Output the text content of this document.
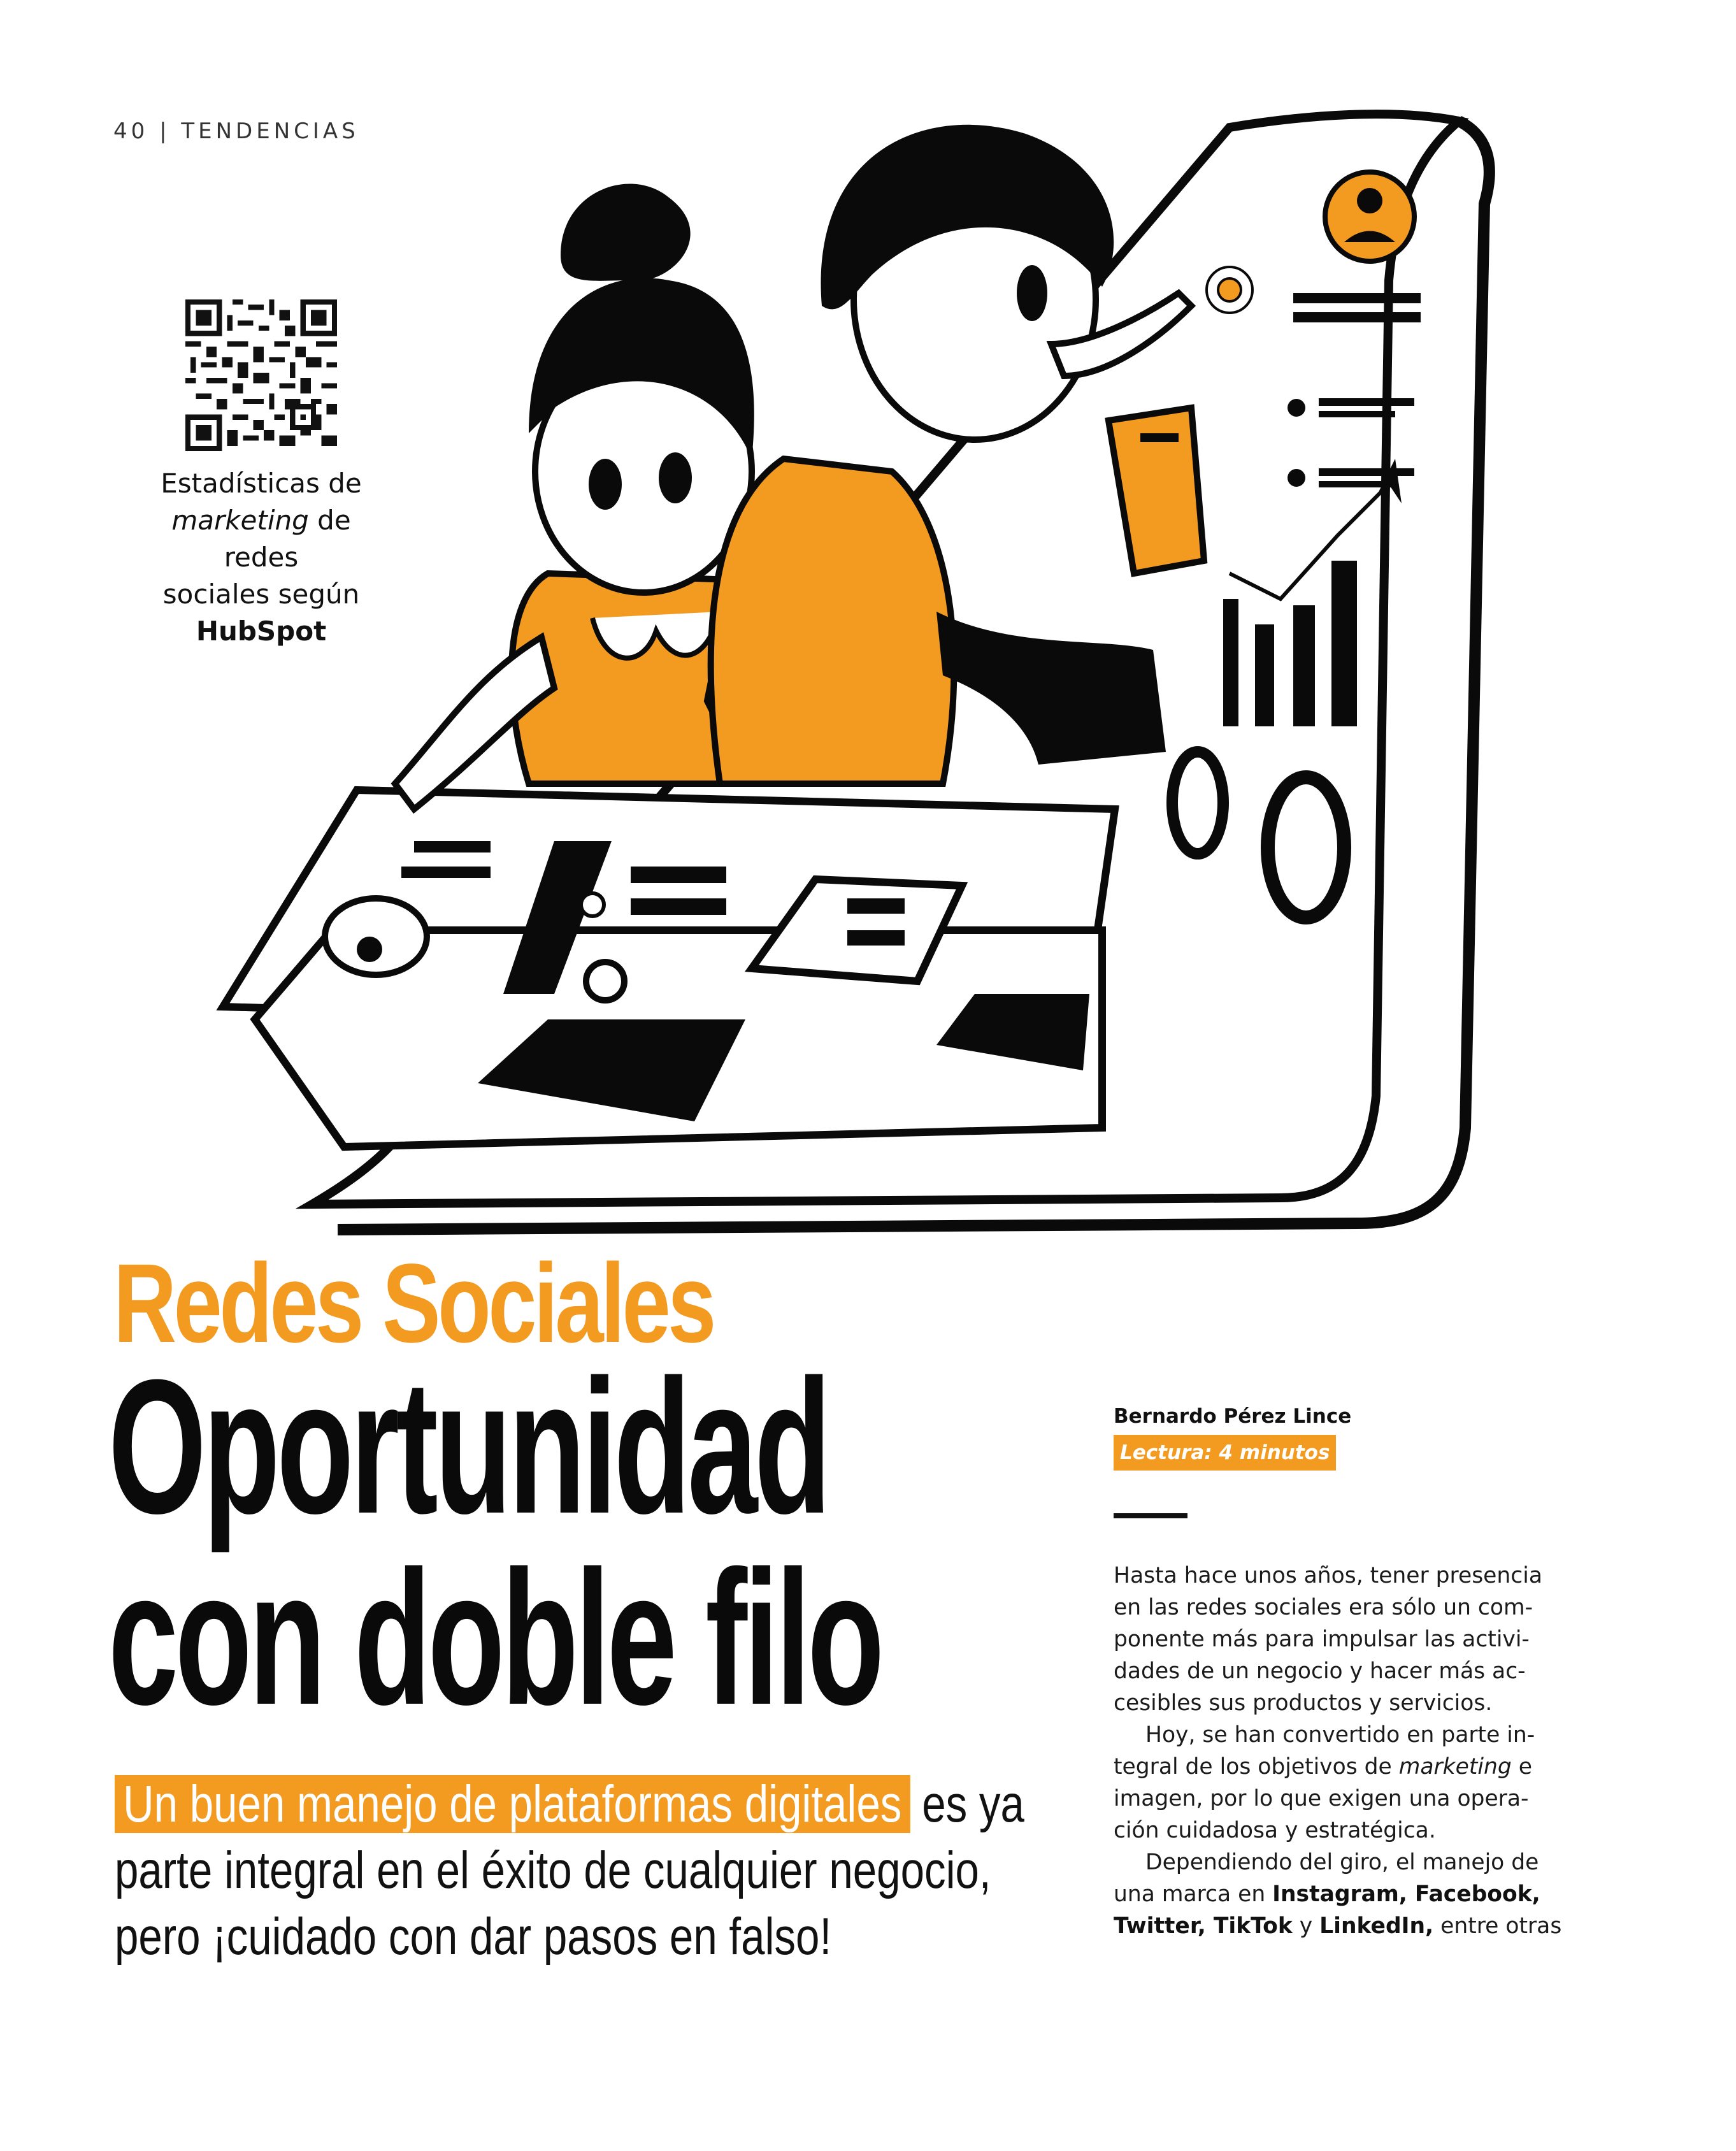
40 | TENDENCIAS
Estadísticas de
marketing de redes
sociales según
HubSpot
Redes Sociales
Oportunidad
con doble filo
Un buen manejo de plataformas digitales es ya
parte integral en el éxito de cualquier negocio,
pero ¡cuidado con dar pasos en falso!
Bernardo Pérez Lince
Lectura: 4 minutos
Hasta hace unos años, tener presencia
en las redes sociales era sólo un com-
ponente más para impulsar las activi-
dades de un negocio y hacer más ac-
cesibles sus productos y servicios.
Hoy, se han convertido en parte in-
tegral de los objetivos de marketing e
imagen, por lo que exigen una opera-
ción cuidadosa y estratégica.
Dependiendo del giro, el manejo de
una marca en Instagram, Facebook,
Twitter, TikTok y LinkedIn, entre otras
